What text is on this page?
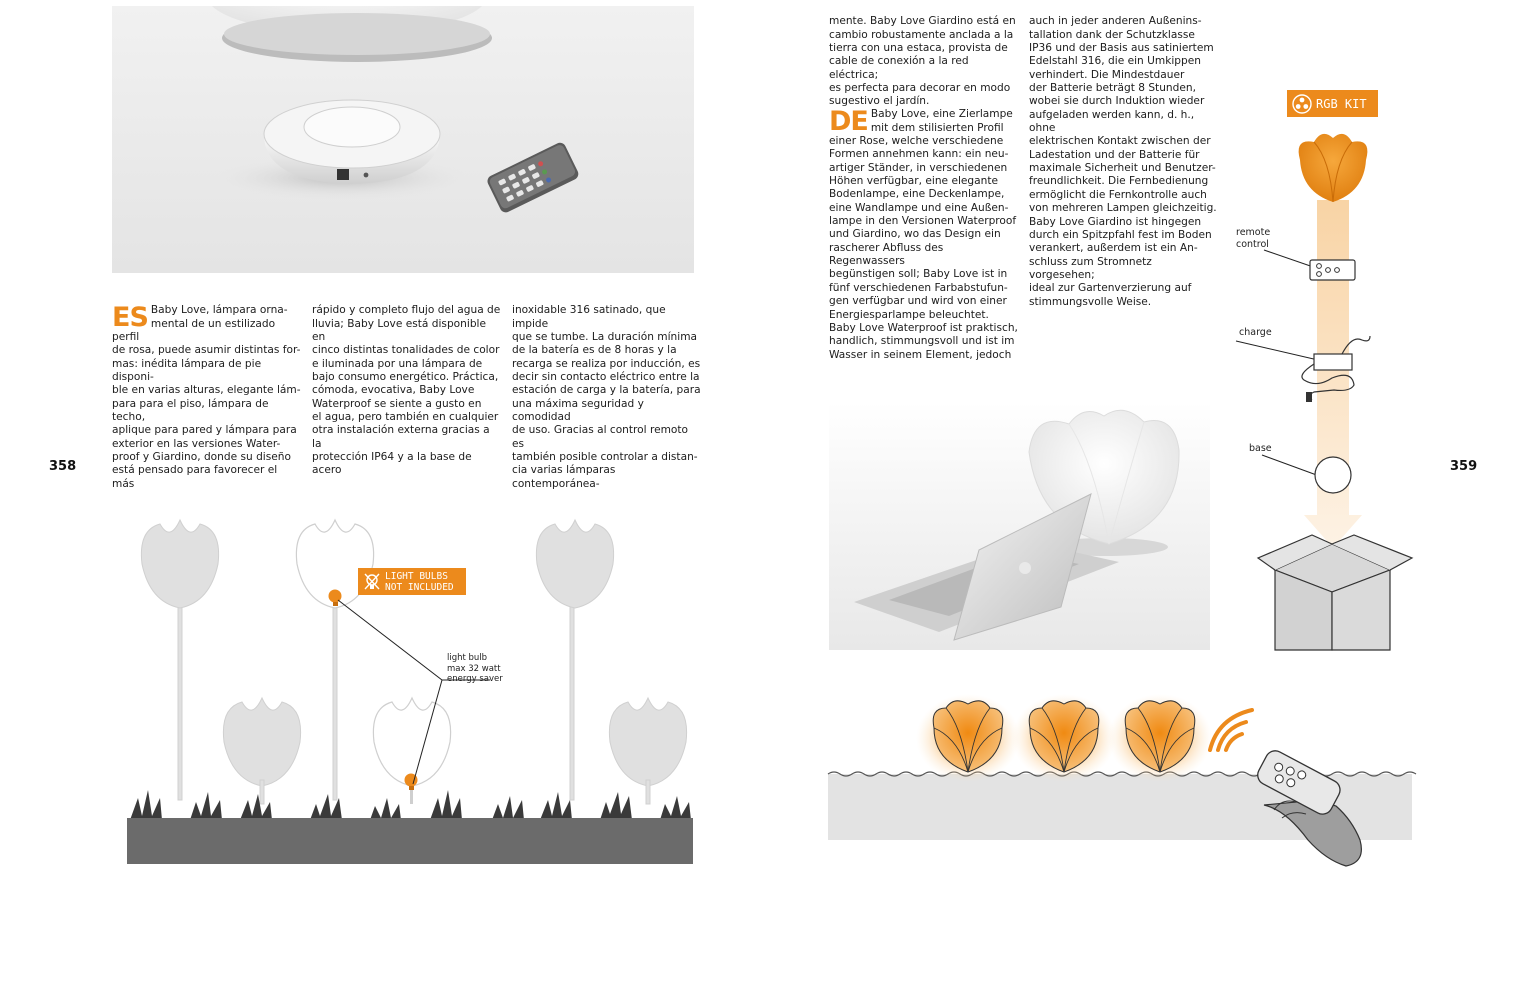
ES Baby Love, lámpara orna-
mental de un estilizado perfil
de rosa, puede asumir distintas for-
mas: inédita lámpara de pie disponi-
ble en varias alturas, elegante lám-
para para el piso, lámpara de techo,
aplique para pared y lámpara para
exterior en las versiones Water-
proof y Giardino, donde su diseño
está pensado para favorecer el más

rápido y completo flujo del agua de
lluvia; Baby Love está disponible en
cinco distintas tonalidades de color
e iluminada por una lámpara de
bajo consumo energético. Práctica,
cómoda, evocativa, Baby Love
Waterproof se siente a gusto en
el agua, pero también en cualquier
otra instalación externa gracias a la
protección IP64 y a la base de acero

inoxidable 316 satinado, que impide
que se tumbe. La duración mínima
de la batería es de 8 horas y la
recarga se realiza por inducción, es
decir sin contacto eléctrico entre la
estación de carga y la batería, para
una máxima seguridad y comodidad
de uso. Gracias al control remoto es
también posible controlar a distan-
cia varias lámparas contemporánea-

358
LIGHT BULBS
NOT INCLUDED
light bulb
max 32 watt
energy saver

mente. Baby Love Giardino está en
cambio robustamente anclada a la
tierra con una estaca, provista de
cable de conexión a la red eléctrica;
es perfecta para decorar en modo
sugestivo el jardín.

DE Baby Love, eine Zierlampe
mit dem stilisierten Profil
einer Rose, welche verschiedene
Formen annehmen kann: ein neu-
artiger Ständer, in verschiedenen
Höhen verfügbar, eine elegante
Bodenlampe, eine Deckenlampe,
eine Wandlampe und eine Außen-
lampe in den Versionen Waterproof
und Giardino, wo das Design ein
rascherer Abfluss des Regenwassers
begünstigen soll; Baby Love ist in
fünf verschiedenen Farbabstufun-
gen verfügbar und wird von einer
Energiesparlampe beleuchtet.
Baby Love Waterproof ist praktisch,
handlich, stimmungsvoll und ist im
Wasser in seinem Element, jedoch

auch in jeder anderen Außenins-
tallation dank der Schutzklasse
IP36 und der Basis aus satiniertem
Edelstahl 316, die ein Umkippen
verhindert. Die Mindestdauer
der Batterie beträgt 8 Stunden,
wobei sie durch Induktion wieder
aufgeladen werden kann, d. h., ohne
elektrischen Kontakt zwischen der
Ladestation und der Batterie für
maximale Sicherheit und Benutzer-
freundlichkeit. Die Fernbedienung
ermöglicht die Fernkontrolle auch
von mehreren Lampen gleichzeitig.
Baby Love Giardino ist hingegen
durch ein Spitzpfahl fest im Boden
verankert, außerdem ist ein An-
schluss zum Stromnetz vorgesehen;
ideal zur Gartenverzierung auf
stimmungsvolle Weise.

359
RGB KIT
remote
control
charge
base
